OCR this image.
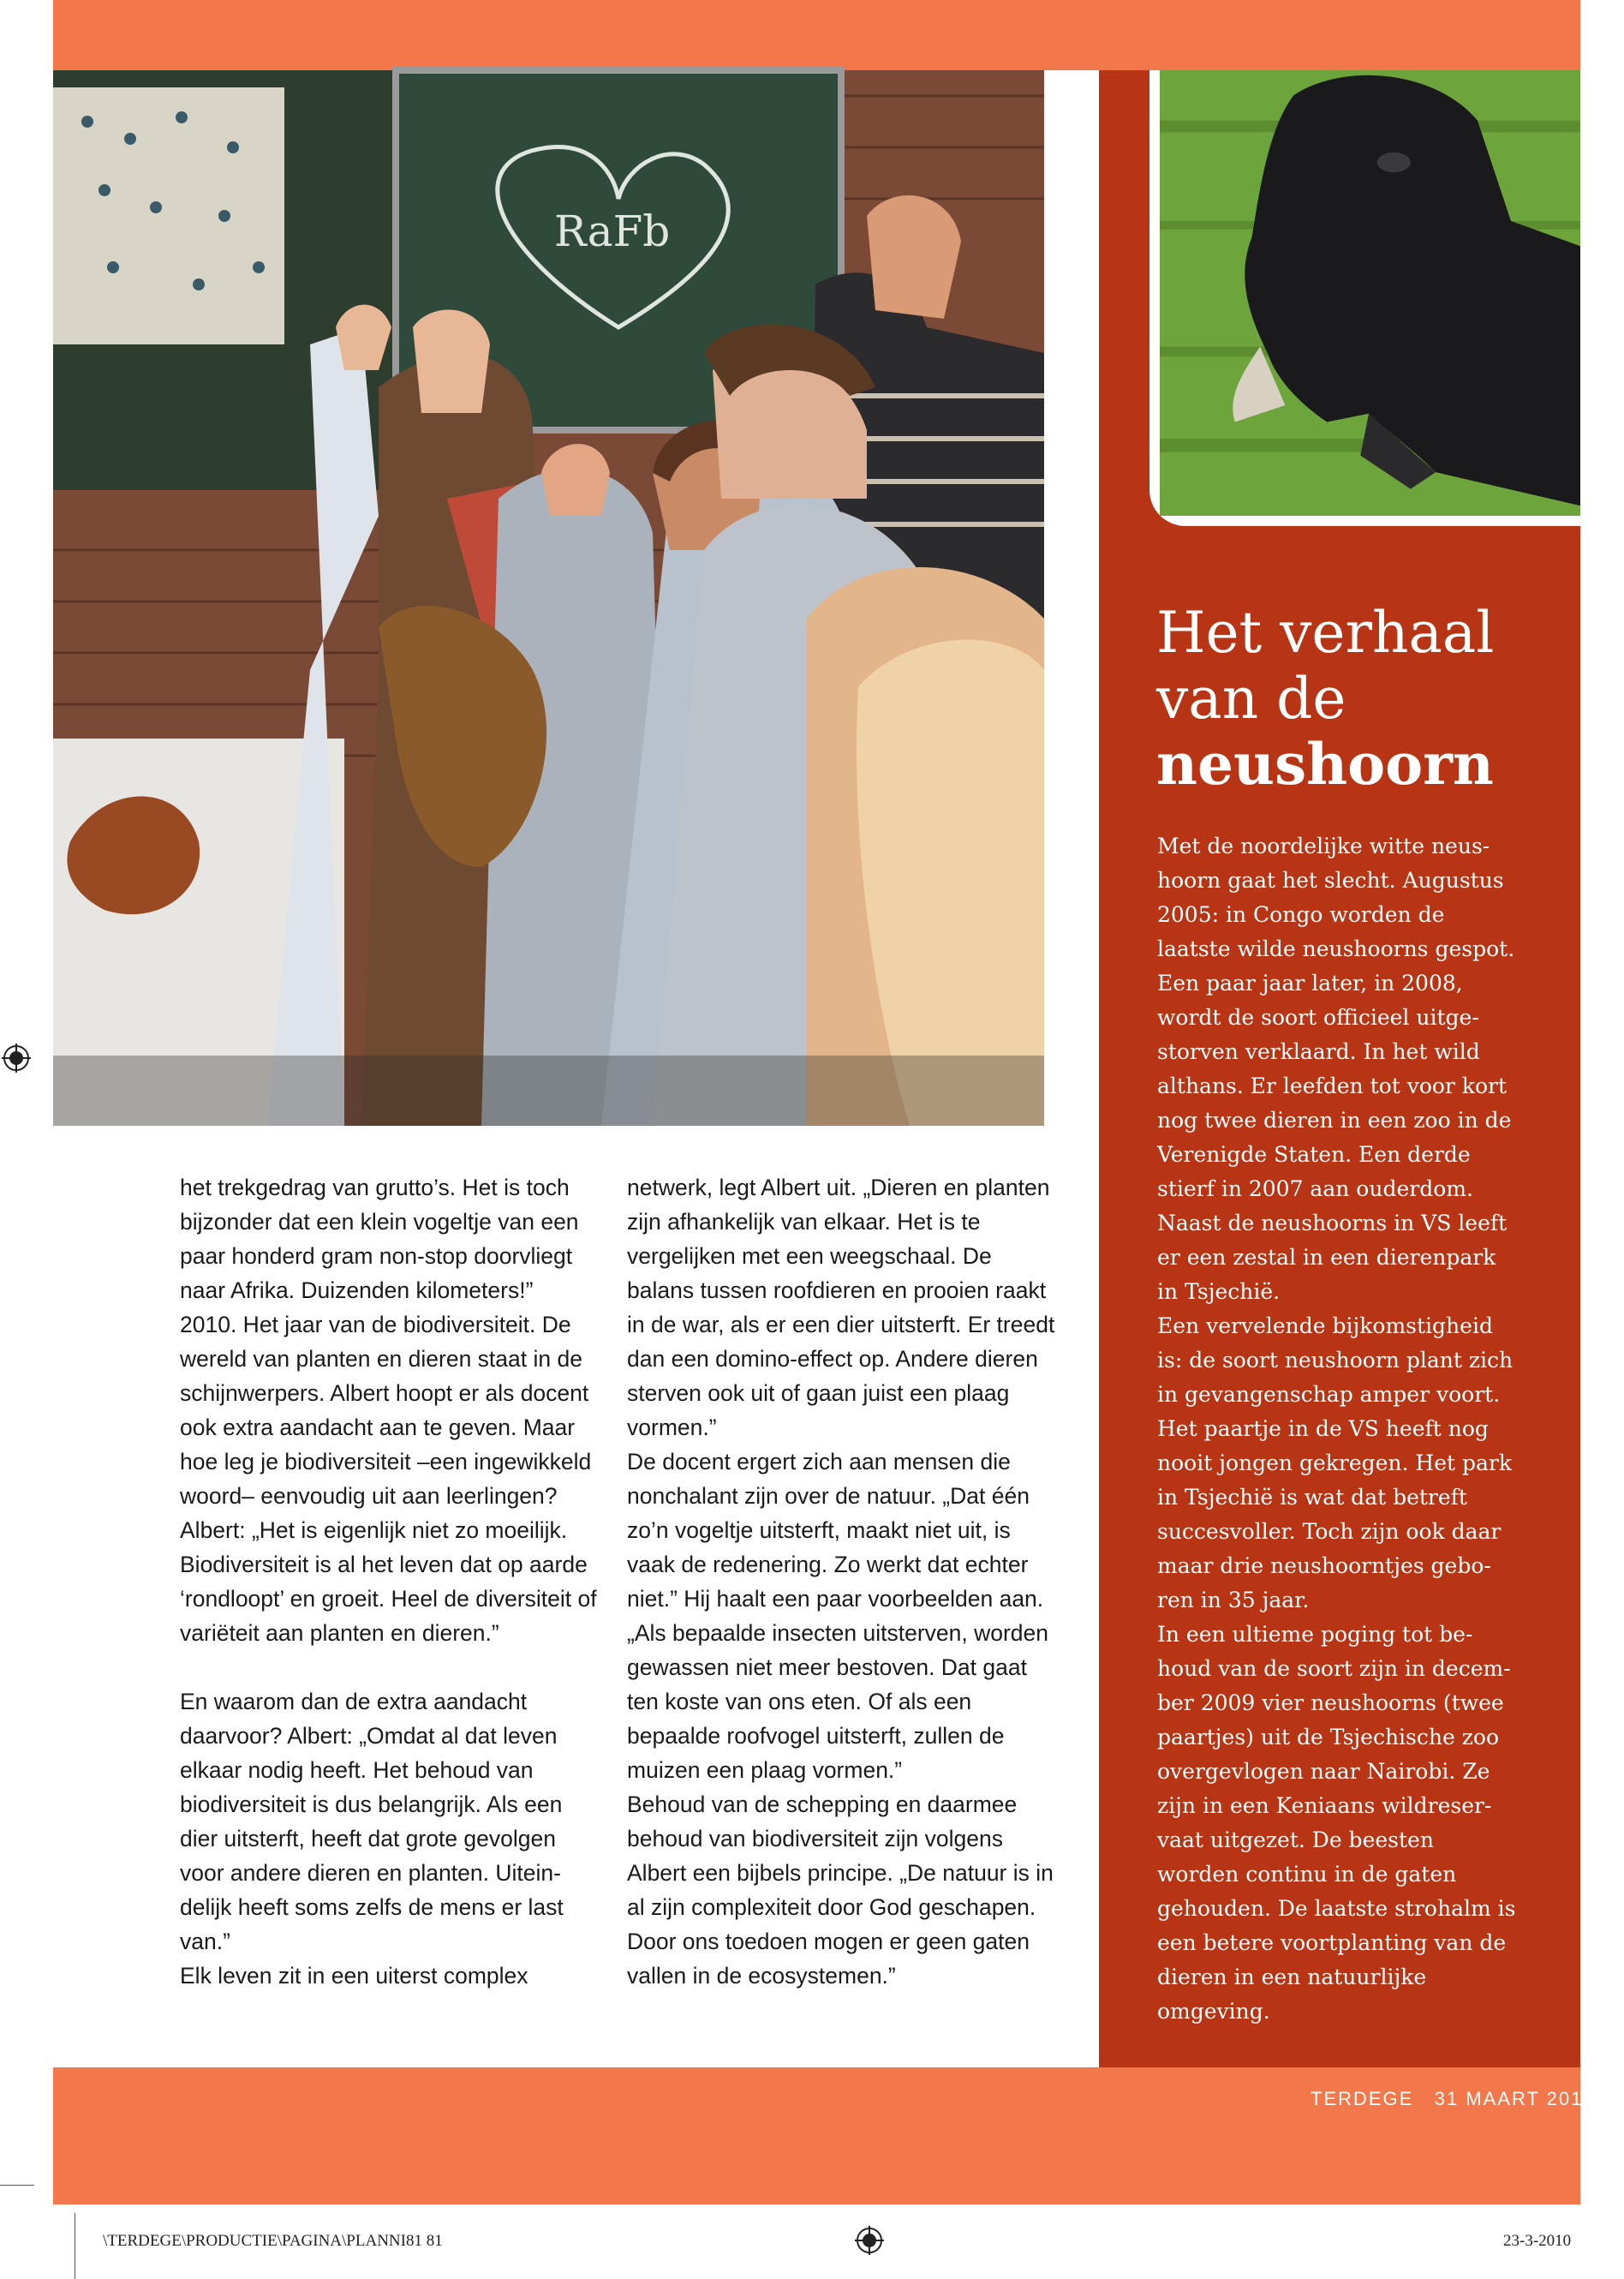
RaFb
Het verhaal
van de

neushoorn

Met de noordelijke witte neushoorn gaat het slecht. Augustus 2005: in Congo worden de laatste wilde neushoorns gespot. Een paar jaar later, in 2008, wordt de soort officieel uitgestorven verklaard. In het wild althans. Er leefden tot voor kort nog twee dieren in een zoo in de Verenigde Staten. Een derde stierf in 2007 aan ouderdom. Naast de neushoorns in VS leeft er een zestal in een dierenpark in Tsjechië.

Een vervelende bijkomstigheid is: de soort neushoorn plant zich in gevangenschap amper voort. Het paartje in de VS heeft nog nooit jongen gekregen. Het park in Tsjechië is wat dat betreft succesvoller. Toch zijn ook daar maar drie neushoorntjes geboren in 35 jaar.

In een ultieme poging tot behoud van de soort zijn in december 2009 vier neushoorns (twee paartjes) uit de Tsjechische zoo overgevlogen naar Nairobi. Ze zijn in een Keniaans wildreservaat uitgezet. De beesten worden continu in de gaten gehouden. De laatste strohalm is een betere voortplanting van de dieren in een natuurlijke omgeving.

het trekgedrag van grutto’s. Het is toch bijzonder dat een klein vogeltje van een paar honderd gram non-stop doorvliegt naar Afrika. Duizenden kilometers!”

2010. Het jaar van de biodiversiteit. De wereld van planten en dieren staat in de schijnwerpers. Albert hoopt er als docent ook extra aandacht aan te geven. Maar hoe leg je biodiversiteit –een ingewikkeld woord– eenvoudig uit aan leerlingen? Albert: „Het is eigenlijk niet zo moeilijk. Biodiversiteit is al het leven dat op aarde ‘rondloopt’ en groeit. Heel de diversiteit of variëteit aan planten en dieren.”

En waarom dan de extra aandacht daarvoor? Albert: „Omdat al dat leven elkaar nodig heeft. Het behoud van biodiversiteit is dus belangrijk. Als een dier uitsterft, heeft dat grote gevolgen voor andere dieren en planten. Uiteindelijk heeft soms zelfs de mens er last van.”

Elk leven zit in een uiterst complex

netwerk, legt Albert uit. „Dieren en planten zijn afhankelijk van elkaar. Het is te vergelijken met een weegschaal. De balans tussen roofdieren en prooien raakt in de war, als er een dier uitsterft. Er treedt dan een domino-effect op. Andere dieren sterven ook uit of gaan juist een plaag vormen.”

De docent ergert zich aan mensen die nonchalant zijn over de natuur. „Dat één zo’n vogeltje uitsterft, maakt niet uit, is vaak de redenering. Zo werkt dat echter niet.” Hij haalt een paar voorbeelden aan. „Als bepaalde insecten uitsterven, worden gewassen niet meer bestoven. Dat gaat ten koste van ons eten. Of als een bepaalde roofvogel uitsterft, zullen de muizen een plaag vormen.”

Behoud van de schepping en daarmee behoud van biodiversiteit zijn volgens Albert een bijbels principe. „De natuur is in al zijn complexiteit door God geschapen. Door ons toedoen mogen er geen gaten vallen in de ecosystemen.”

TERDEGE 31 MAART 2010 8
\TERDEGE\PRODUCTIE\PAGINA\PLANNI81 81	23-3-2010
